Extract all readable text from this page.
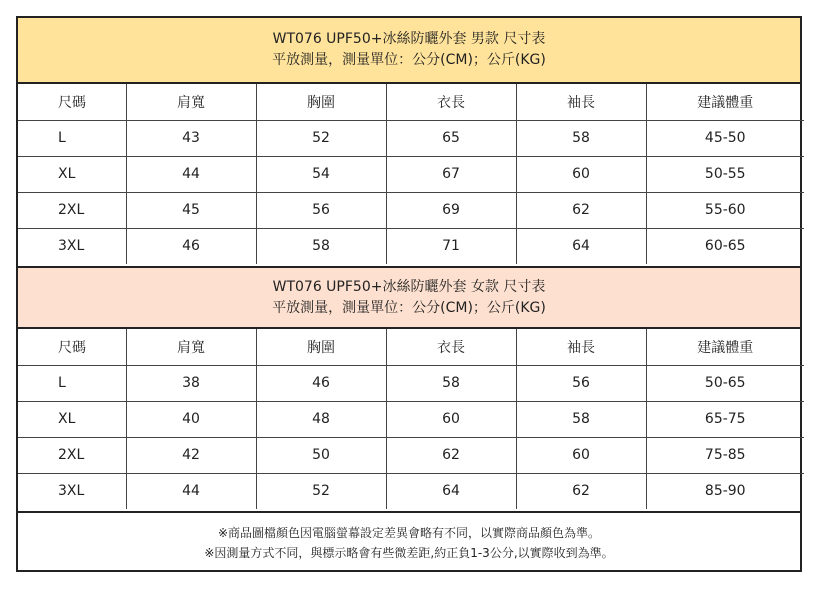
WT076 UPF50+冰絲防曬外套 男款 尺寸表
平放測量，測量單位：公分(CM)；公斤(KG)
尺碼	肩寬	胸圍	衣長	袖長	建議體重
L	43	52	65	58	45-50
XL	44	54	67	60	50-55
2XL	45	56	69	62	55-60
3XL	46	58	71	64	60-65
WT076 UPF50+冰絲防曬外套 女款 尺寸表
平放測量，測量單位：公分(CM)；公斤(KG)
尺碼	肩寬	胸圍	衣長	袖長	建議體重
L	38	46	58	56	50-65
XL	40	48	60	58	65-75
2XL	42	50	62	60	75-85
3XL	44	52	64	62	85-90
※商品圖檔顏色因電腦螢幕設定差異會略有不同，以實際商品顏色為準。
※因測量方式不同，與標示略會有些微差距,約正負1-3公分,以實際收到為準。
